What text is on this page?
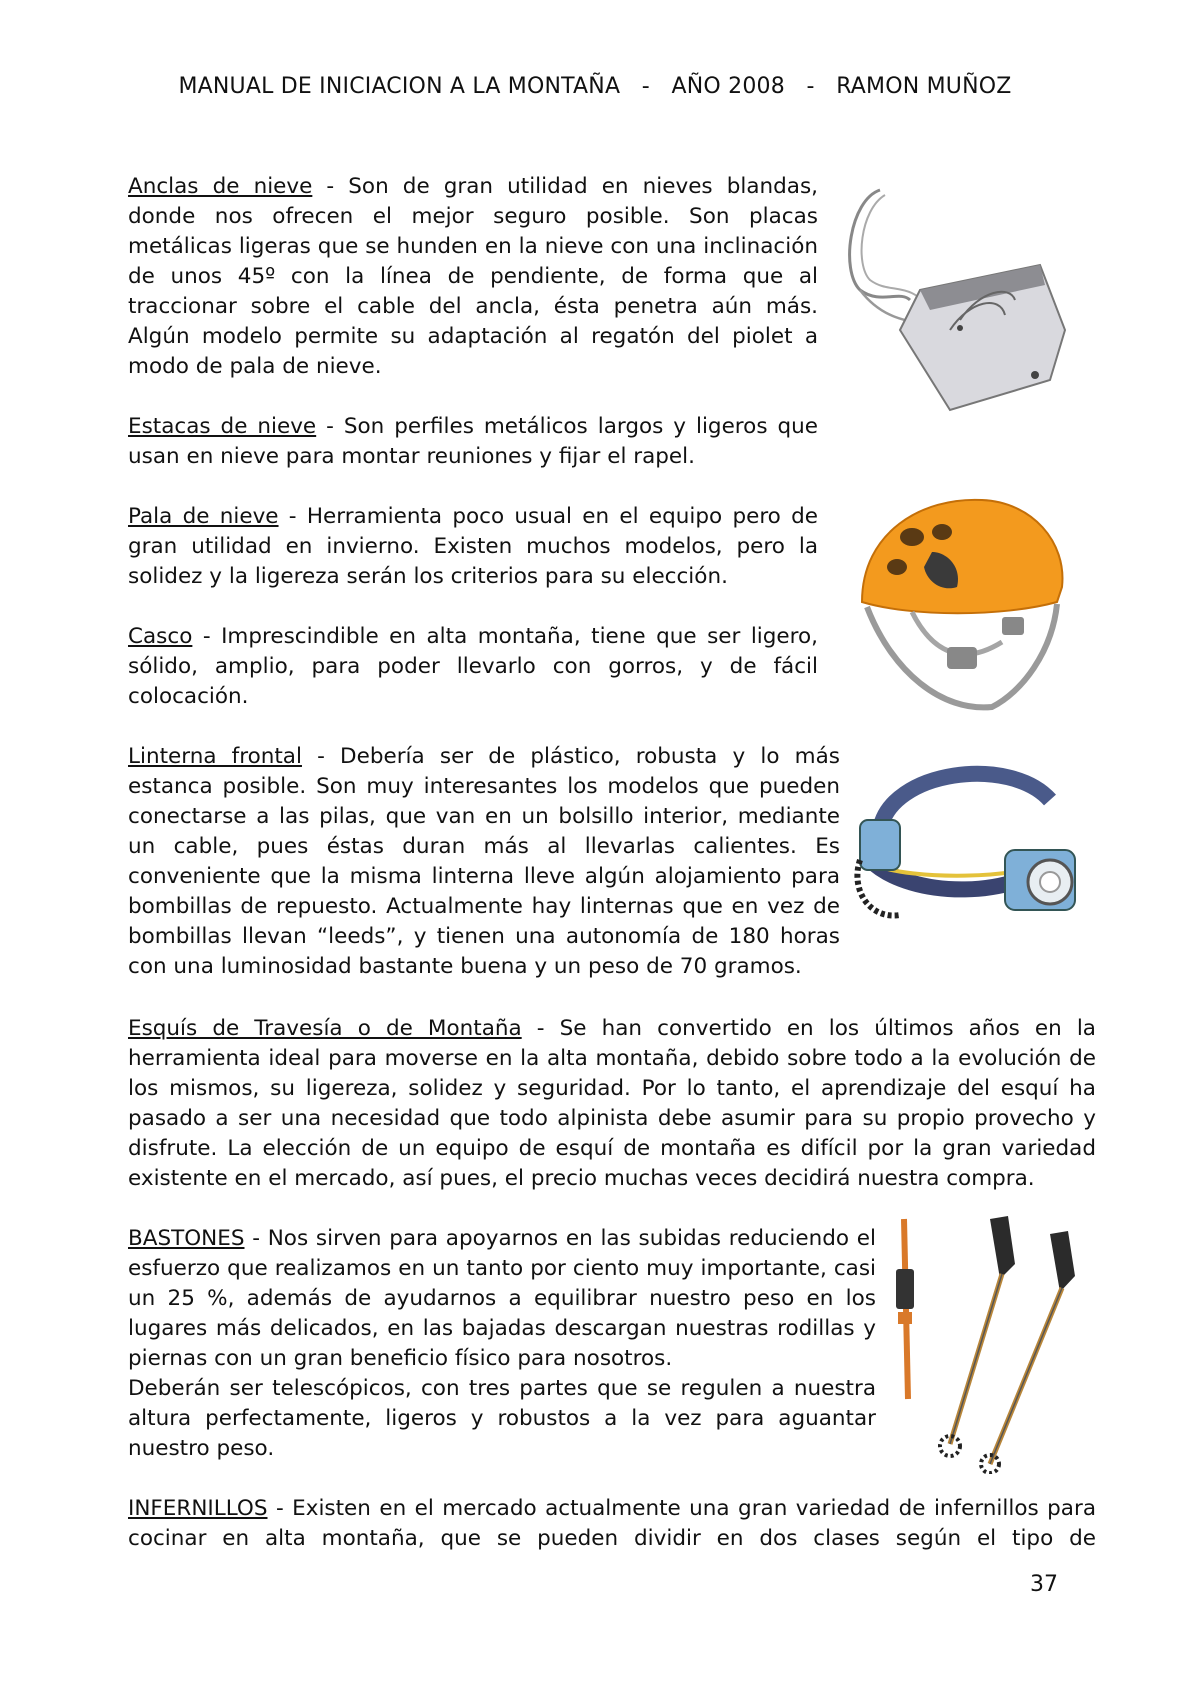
MANUAL DE INICIACION A LA MONTAÑA   -   AÑO 2008   -   RAMON MUÑOZ

Anclas de nieve - Son de gran utilidad en nieves blandas, donde nos ofrecen el mejor seguro posible. Son placas metálicas ligeras que se hunden en la nieve con una inclinación de unos 45º con la línea de pendiente, de forma que al traccionar sobre el cable del ancla, ésta penetra aún más. Algún modelo permite su adaptación al regatón del piolet a modo de pala de nieve.

Estacas de nieve - Son perfiles metálicos largos y ligeros que usan en nieve para montar reuniones y fijar el rapel.

Pala de nieve - Herramienta poco usual en el equipo pero de gran utilidad en invierno. Existen muchos modelos, pero la solidez y la ligereza serán los criterios para su elección.

Casco - Imprescindible en alta montaña, tiene que ser ligero, sólido, amplio, para poder llevarlo con gorros, y de fácil colocación.

Linterna frontal - Debería ser de plástico, robusta y lo más estanca posible. Son muy interesantes los modelos que pueden conectarse a las pilas, que van en un bolsillo interior, mediante un cable, pues éstas duran más al llevarlas calientes. Es conveniente que la misma linterna lleve algún alojamiento para bombillas de repuesto. Actualmente hay linternas que en vez de bombillas llevan “leeds”, y tienen una autonomía de 180 horas con una luminosidad bastante buena y un peso de 70 gramos.

Esquís de Travesía o de Montaña - Se han convertido en los últimos años en la herramienta ideal para moverse en la alta montaña, debido sobre todo a la evolución de los mismos, su ligereza, solidez y seguridad. Por lo tanto, el aprendizaje del esquí ha pasado a ser una necesidad que todo alpinista debe asumir para su propio provecho y disfrute. La elección de un equipo de esquí de montaña es difícil por la gran variedad existente en el mercado, así pues, el precio muchas veces decidirá nuestra compra.

BASTONES - Nos sirven para apoyarnos en las subidas reduciendo el esfuerzo que realizamos en un tanto por ciento muy importante, casi un 25 %, además de ayudarnos a equilibrar nuestro peso en los lugares más delicados, en las bajadas descargan nuestras rodillas y piernas con un gran beneficio físico para nosotros.
Deberán ser telescópicos, con tres partes que se regulen a nuestra altura perfectamente, ligeros y robustos a la vez para aguantar nuestro peso.

INFERNILLOS - Existen en el mercado actualmente una gran variedad de infernillos para cocinar en alta montaña, que se pueden dividir en dos clases según el tipo de

37
